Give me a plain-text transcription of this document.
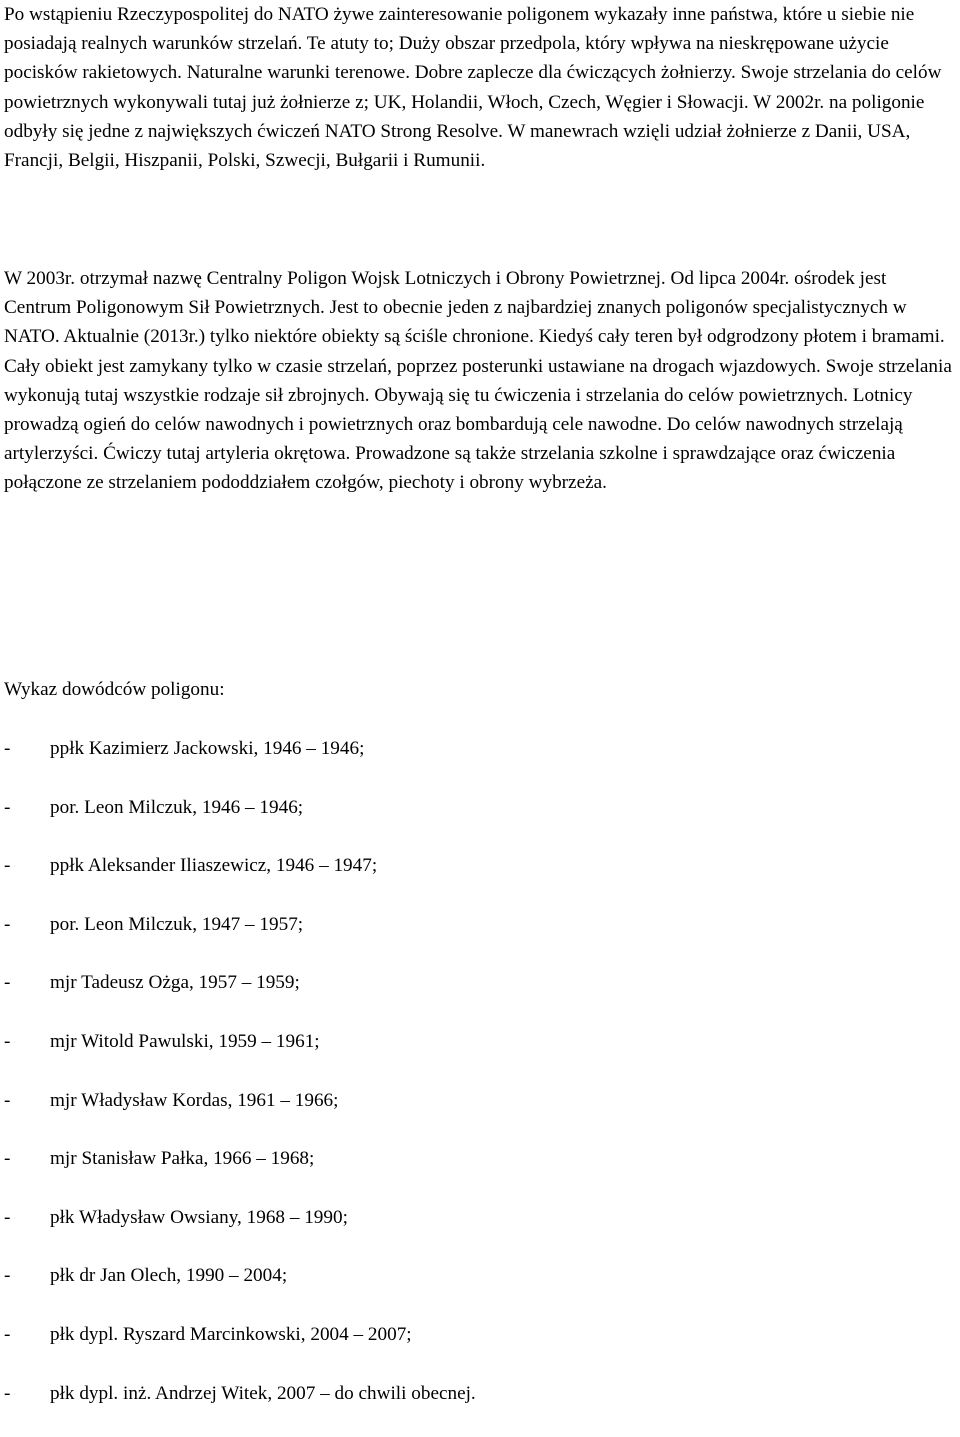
Po wstąpieniu Rzeczypospolitej do NATO żywe zainteresowanie poligonem wykazały inne państwa, które u siebie nie posiadają realnych warunków strzelań. Te atuty to; Duży obszar przedpola, który wpływa na nieskrępowane użycie pocisków rakietowych. Naturalne warunki terenowe. Dobre zaplecze dla ćwiczących żołnierzy. Swoje strzelania do celów powietrznych wykonywali tutaj już żołnierze z; UK, Holandii, Włoch, Czech, Węgier i Słowacji. W 2002r. na poligonie odbyły się jedne z największych ćwiczeń NATO Strong Resolve. W manewrach wzięli udział żołnierze z Danii, USA, Francji, Belgii, Hiszpanii, Polski, Szwecji, Bułgarii i Rumunii.

W 2003r. otrzymał nazwę Centralny Poligon Wojsk Lotniczych i Obrony Powietrznej. Od lipca 2004r. ośrodek jest Centrum Poligonowym Sił Powietrznych. Jest to obecnie jeden z najbardziej znanych poligonów specjalistycznych w NATO. Aktualnie (2013r.) tylko niektóre obiekty są ściśle chronione. Kiedyś cały teren był odgrodzony płotem i bramami. Cały obiekt jest zamykany tylko w czasie strzelań, poprzez posterunki ustawiane na drogach wjazdowych. Swoje strzelania wykonują tutaj wszystkie rodzaje sił zbrojnych. Obywają się tu ćwiczenia i strzelania do celów powietrznych. Lotnicy prowadzą ogień do celów nawodnych i powietrznych oraz bombardują cele nawodne. Do celów nawodnych strzelają artylerzyści. Ćwiczy tutaj artyleria okrętowa. Prowadzone są także strzelania szkolne i sprawdzające oraz ćwiczenia połączone ze strzelaniem pododdziałem czołgów, piechoty i obrony wybrzeża.

Wykaz dowódców poligonu:

- ppłk Kazimierz Jackowski, 1946 – 1946;
- por. Leon Milczuk, 1946 – 1946;
- ppłk Aleksander Iliaszewicz, 1946 – 1947;
- por. Leon Milczuk, 1947 – 1957;
- mjr Tadeusz Ożga, 1957 – 1959;
- mjr Witold Pawulski, 1959 – 1961;
- mjr Władysław Kordas, 1961 – 1966;
- mjr Stanisław Pałka, 1966 – 1968;
- płk Władysław Owsiany, 1968 – 1990;
- płk dr Jan Olech, 1990 – 2004;
- płk dypl. Ryszard Marcinkowski, 2004 – 2007;
- płk dypl. inż. Andrzej Witek, 2007 – do chwili obecnej.
